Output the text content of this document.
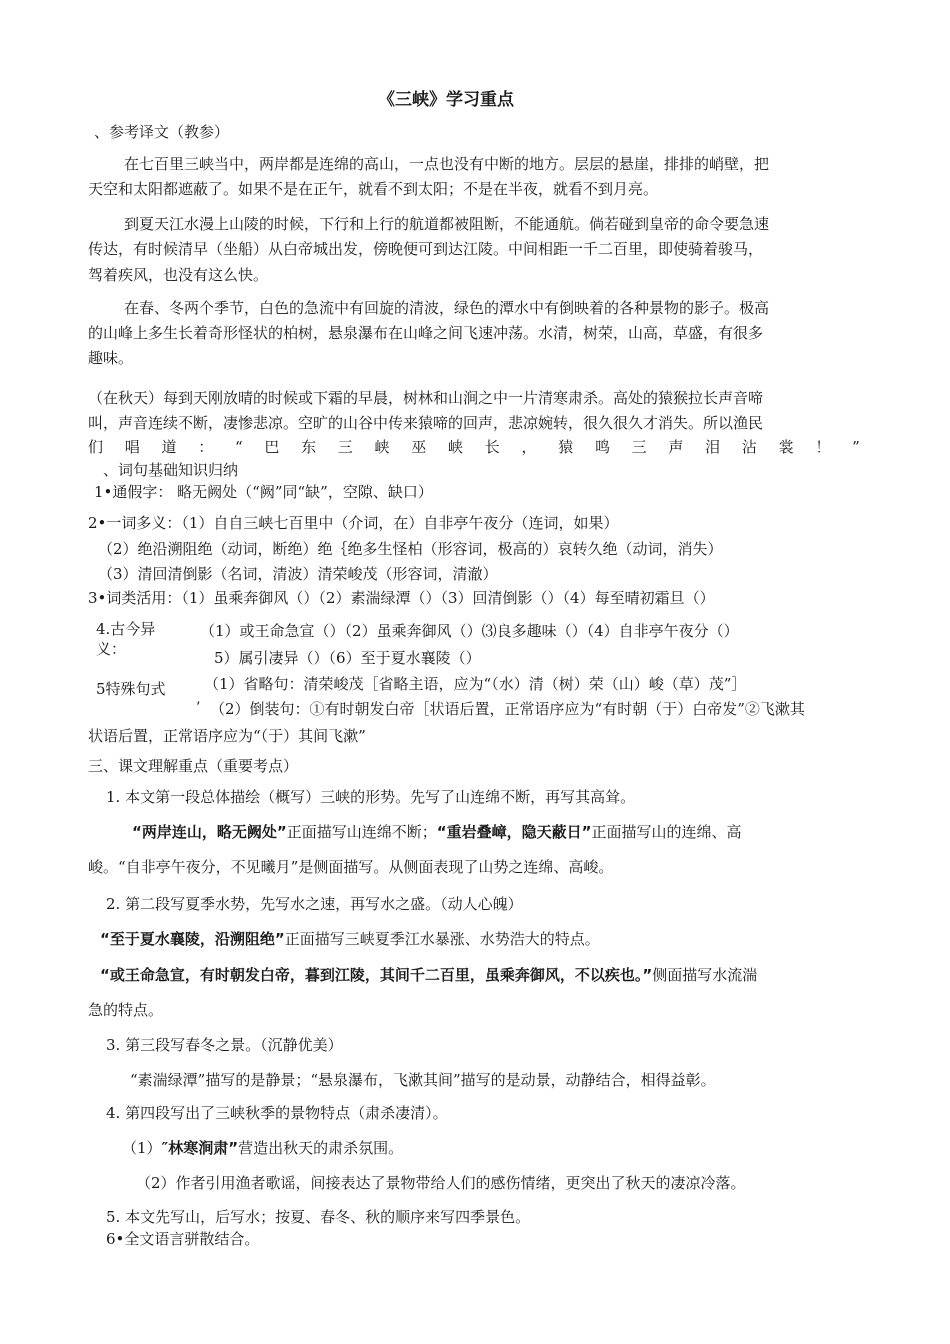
《三峡》学习重点
、参考译文（教参）
在七百里三峡当中，两岸都是连绵的高山，一点也没有中断的地方。层层的悬崖，排排的峭壁，把
天空和太阳都遮蔽了。如果不是在正午，就看不到太阳；不是在半夜，就看不到月亮。
到夏天江水漫上山陵的时候，下行和上行的航道都被阻断，不能通航。倘若碰到皇帝的命令要急速
传达，有时候清早（坐船）从白帝城出发，傍晚便可到达江陵。中间相距一千二百里，即使骑着骏马，
驾着疾风，也没有这么快。
在春、冬两个季节，白色的急流中有回旋的清波，绿色的潭水中有倒映着的各种景物的影子。极高
的山峰上多生长着奇形怪状的柏树，悬泉瀑布在山峰之间飞速冲荡。水清，树荣，山高，草盛，有很多
趣味。
（在秋天）每到天刚放晴的时候或下霜的早晨，树林和山涧之中一片清寒肃杀。高处的猿猴拉长声音啼
叫，声音连续不断，凄惨悲凉。空旷的山谷中传来猿啼的回声，悲凉婉转，很久很久才消失。所以渔民
们 唱 道 ： “ 巴 东 三 峡 巫 峡 长 ， 猿 鸣 三 声 泪 沾 裳 ！ ”
、词句基础知识归纳
1•通假字： 略无阙处（“阙”同“缺”，空隙、缺口）
2•一词多义：（1）自自三峡七百里中（介词，在）自非亭午夜分（连词，如果）
（2）绝沿溯阻绝（动词，断绝）绝｛绝多生怪柏（形容词，极高的）哀转久绝（动词，消失）
（3）清回清倒影（名词，清波）清荣峻茂（形容词，清澈）
3•词类活用：（1）虽乘奔御风（）（2）素湍绿潭（）（3）回清倒影（）（4）每至晴初霜旦（）
4.古今异
义：
（1）或王命急宣（）（2）虽乘奔御风（）⑶良多趣味（）（4）自非亭午夜分（）
5）属引凄异（）（6）至于夏水襄陵（）
5特殊句式	（1）省略句：清荣峻茂［省略主语，应为“（水）清（树）荣（山）峻（草）茂”］
’ （2）倒装句：①有时朝发白帝［状语后置，正常语序应为“有时朝（于）白帝发”②飞漱其
状语后置，正常语序应为“（于）其间飞漱”
三、课文理解重点（重要考点）
1. 本文第一段总体描绘（概写）三峡的形势。先写了山连绵不断，再写其高耸。
“两岸连山，略无阙处”正面描写山连绵不断；“重岩叠嶂，隐天蔽日”正面描写山的连绵、高
峻。“自非亭午夜分，不见曦月”是侧面描写。从侧面表现了山势之连绵、高峻。
2. 第二段写夏季水势，先写水之速，再写水之盛。（动人心魄）
“至于夏水襄陵，沿溯阻绝”正面描写三峡夏季江水暴涨、水势浩大的特点。
“或王命急宣，有时朝发白帝，暮到江陵，其间千二百里，虽乘奔御风，不以疾也。”侧面描写水流湍
急的特点。
3. 第三段写春冬之景。（沉静优美）
“素湍绿潭”描写的是静景；“悬泉瀑布，飞漱其间”描写的是动景，动静结合，相得益彰。
4. 第四段写出了三峡秋季的景物特点（肃杀凄清）。
（1）″林寒涧肃”营造出秋天的肃杀氛围。
（2）作者引用渔者歌谣，间接表达了景物带给人们的感伤情绪，更突出了秋天的凄凉冷落。
5. 本文先写山，后写水；按夏、春冬、秋的顺序来写四季景色。
6•全文语言骈散结合。
